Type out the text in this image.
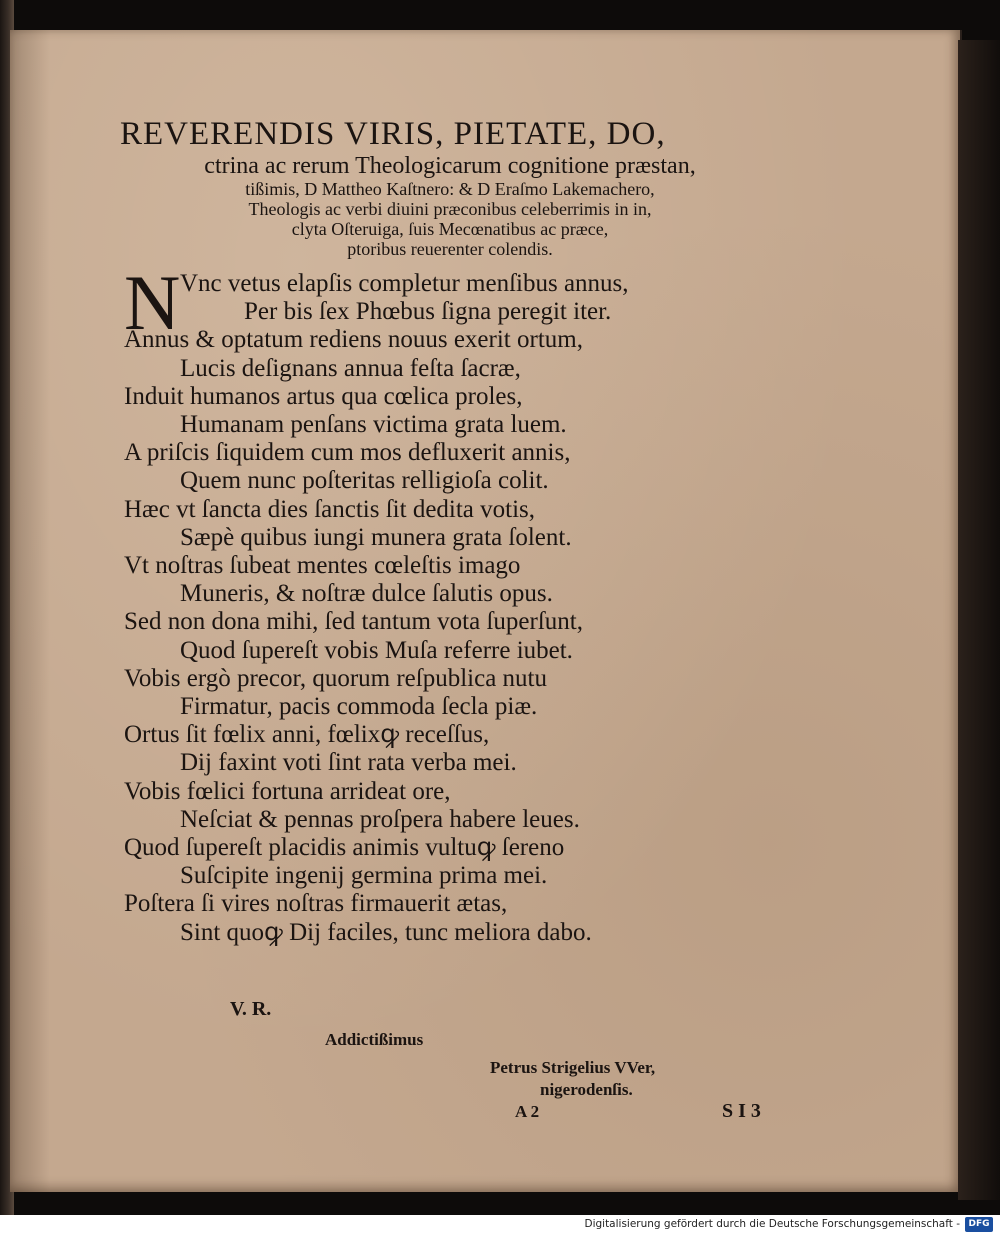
REVERENDIS VIRIS, PIETATE, DO,
ctrina ac rerum Theologicarum cognitione præstan,
tißimis, D Mattheo Kaſtnero: & D Eraſmo Lakemachero,
Theologis ac verbi diuini præconibus celeberrimis in in,
clyta Oſteruiga, ſuis Mecœnatibus ac præce,
ptoribus reuerenter colendis.
N Vnc vetus elapſis completur menſibus annus,
Per bis ſex Phœbus ſigna peregit iter.
Annus & optatum rediens nouus exerit ortum,
Lucis deſignans annua feſta ſacræ,
Induit humanos artus qua cœlica proles,
Humanam penſans victima grata luem.
A priſcis ſiquidem cum mos defluxerit annis,
Quem nunc poſteritas relligioſa colit.
Hæc vt ſancta dies ſanctis ſit dedita votis,
Sæpè quibus iungi munera grata ſolent.
Vt noſtras ſubeat mentes cœleſtis imago
Muneris, & noſtræ dulce ſalutis opus.
Sed non dona mihi, ſed tantum vota ſuperſunt,
Quod ſupereſt vobis Muſa referre iubet.
Vobis ergò precor, quorum reſpublica nutu
Firmatur, pacis commoda ſecla piæ.
Ortus ſit fœlix anni, fœlixꝙ receſſus,
Dij faxint voti ſint rata verba mei.
Vobis fœlici fortuna arrideat ore,
Neſciat & pennas proſpera habere leues.
Quod ſupereſt placidis animis vultuꝙ ſereno
Suſcipite ingenij germina prima mei.
Poſtera ſi vires noſtras firmauerit ætas,
Sint quoꝙ Dij faciles, tunc meliora dabo.
V. R.
Addictißimus
Petrus Strigelius VVer,
nigerodenſis.
A 2	S I 3
Digitalisierung gefördert durch die Deutsche Forschungsgemeinschaft - DFG
